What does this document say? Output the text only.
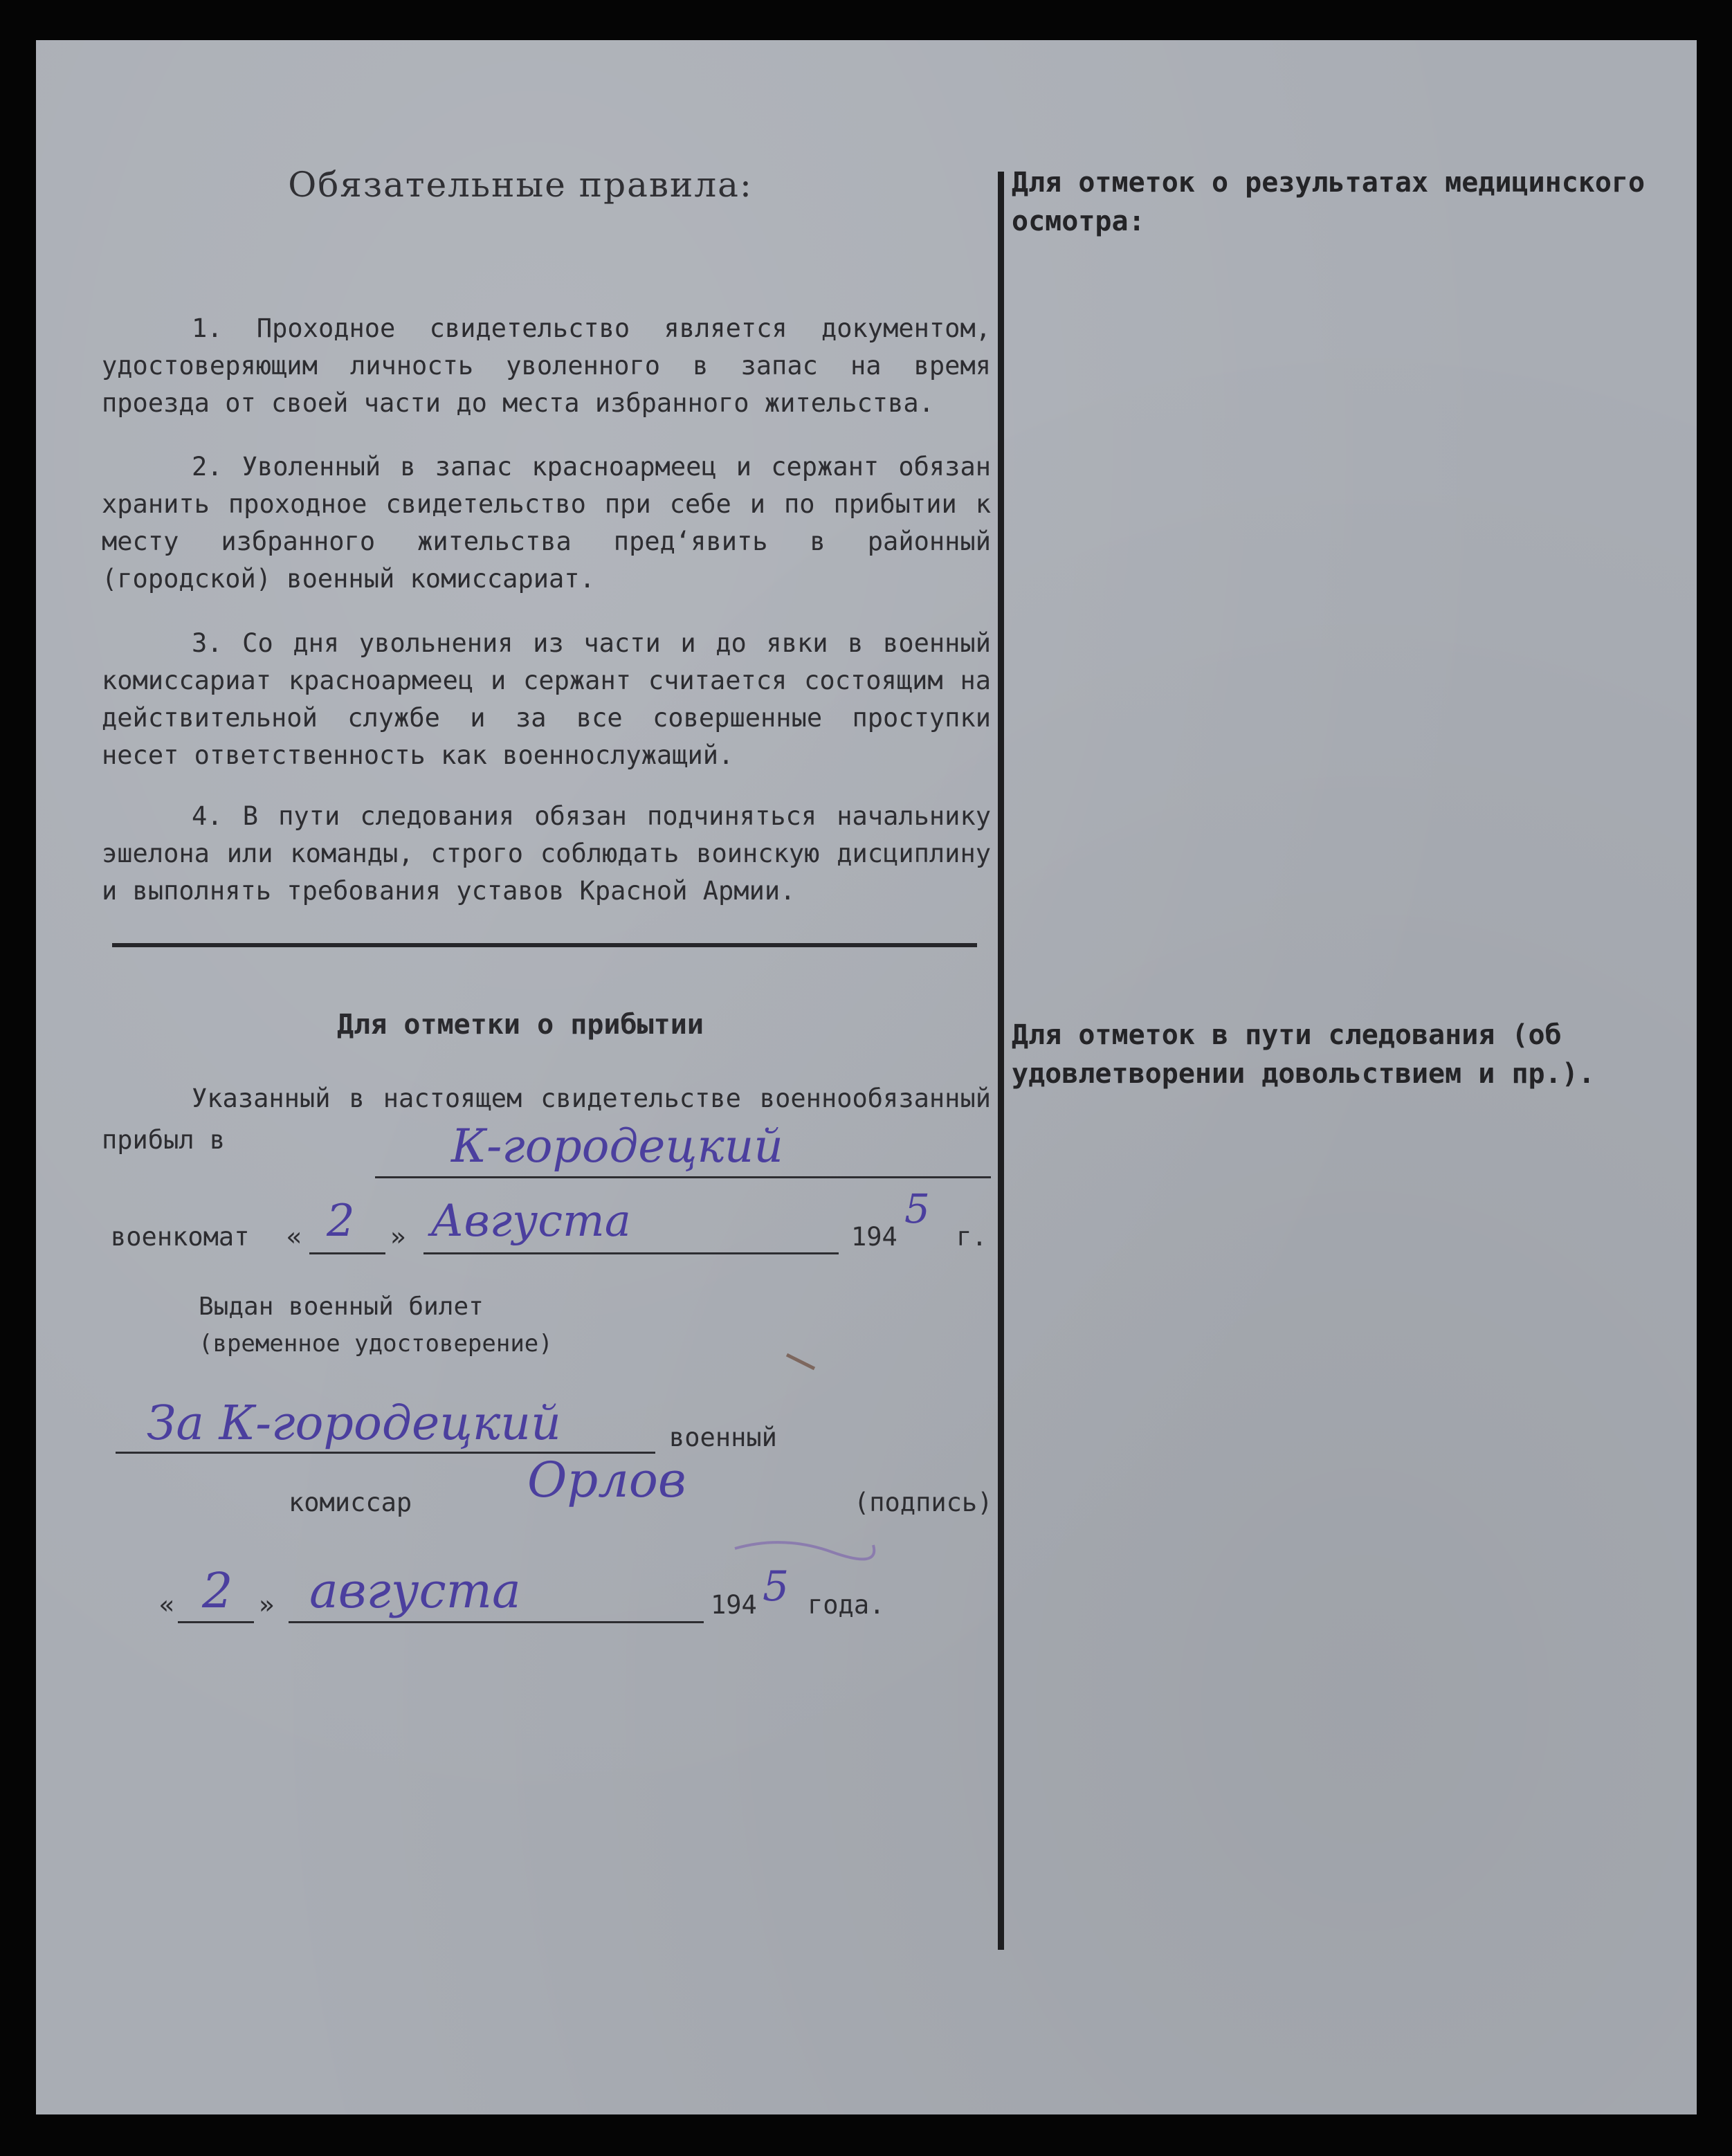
Обязательные правила:
1. Проходное свидетельство является документом, удостоверяющим личность уволенного в запас на время проезда от своей части до места избранного жительства.
2. Уволенный в запас красноармеец и сержант обязан хранить проходное свидетельство при себе и по прибытии к месту избранного жительства пред‘явить в районный (городской) военный комиссариат.
3. Со дня увольнения из части и до явки в военный комиссариат красноармеец и сержант считается состоящим на действительной службе и за все совершенные проступки несет ответственность как военнослужащий.
4. В пути следования обязан подчиняться начальнику эшелона или команды, строго соблюдать воинскую дисциплину и выполнять требования уставов Красной Армии.
Для отметок о результатах медицинского осмотра:
Для отметок в пути следования (об удовлетворении довольствием и пр.).
Для отметки о прибытии
Указанный в настоящем свидетельстве военнообязанный прибыл в	К-городецкий
военкомат « 2 » Августа	194
5
г.
Выдан военный билет
(временное удостоверение)
За К-городецкий	военный
комиссар Орлов	(подпись)
« 2 » августа	194 5 года.
